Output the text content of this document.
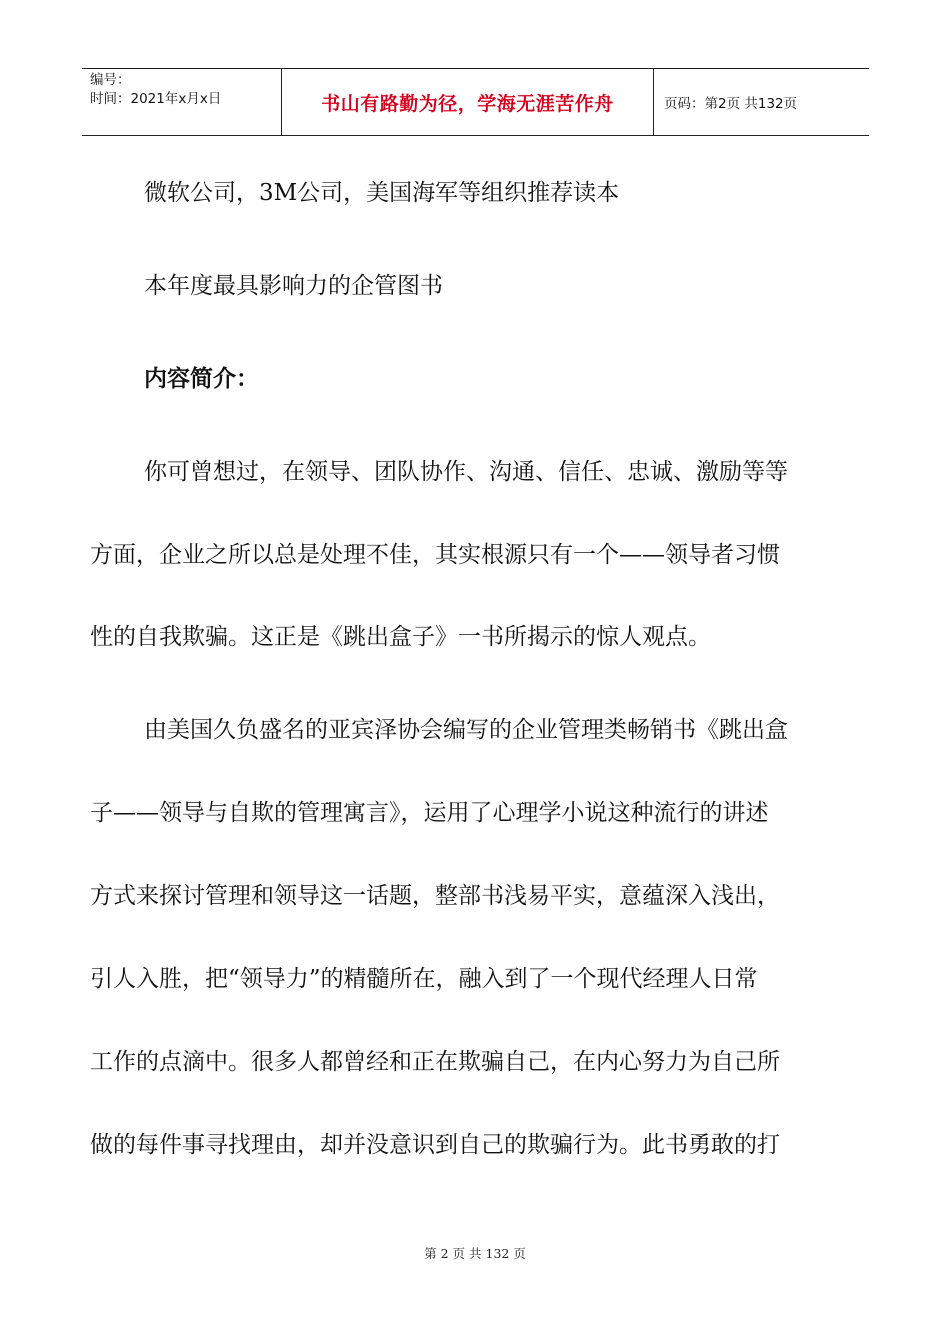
编号：
时间：2021年x月x日	书山有路勤为径，学海无涯苦作舟	页码：第2页 共132页
微软公司，3M公司，美国海军等组织推荐读本
本年度最具影响力的企管图书
内容简介：
你可曾想过，在领导、团队协作、沟通、信任、忠诚、激励等等
方面，企业之所以总是处理不佳，其实根源只有一个——领导者习惯
性的自我欺骗。这正是《跳出盒子》一书所揭示的惊人观点。
由美国久负盛名的亚宾泽协会编写的企业管理类畅销书《跳出盒
子——领导与自欺的管理寓言》，运用了心理学小说这种流行的讲述
方式来探讨管理和领导这一话题，整部书浅易平实，意蕴深入浅出，
引人入胜，把“领导力”的精髓所在，融入到了一个现代经理人日常
工作的点滴中。很多人都曾经和正在欺骗自己，在内心努力为自己所
做的每件事寻找理由，却并没意识到自己的欺骗行为。此书勇敢的打
第 2 页 共 132 页
